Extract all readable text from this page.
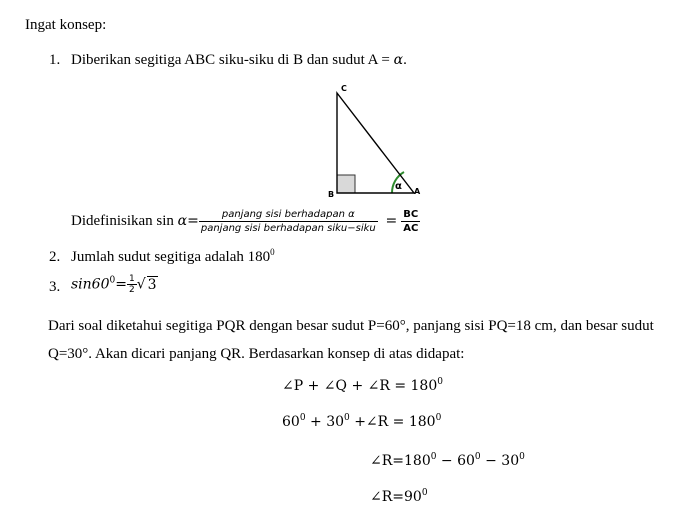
Ingat konsep:
1. Diberikan segitiga ABC siku-siku di B dan sudut A = α.
C
B	A
α
Didefinisikan $\sin \alpha= \frac{\text{panjang sisi berhadapan α}}{\text{panjang sisi berhadapan siku−siku}} = \frac{BC}{AC}$
2. Jumlah sudut segitiga adalah $180^0$
3. $\sin 60^0= \frac{1}{2}$ √ 3
Dari soal diketahui segitiga PQR dengan besar sudut P=60°, panjang sisi PQ=18 cm, dan besar sudut
Q=30°. Akan dicari panjang QR. Berdasarkan konsep di atas didapat:
∠P + ∠Q + ∠R = $180^0$
$60^0 + 30^0$ +∠R = $180^0$
$\angle R=180^0 - 60^0 - 30^0$
$\angle R=90^0$
